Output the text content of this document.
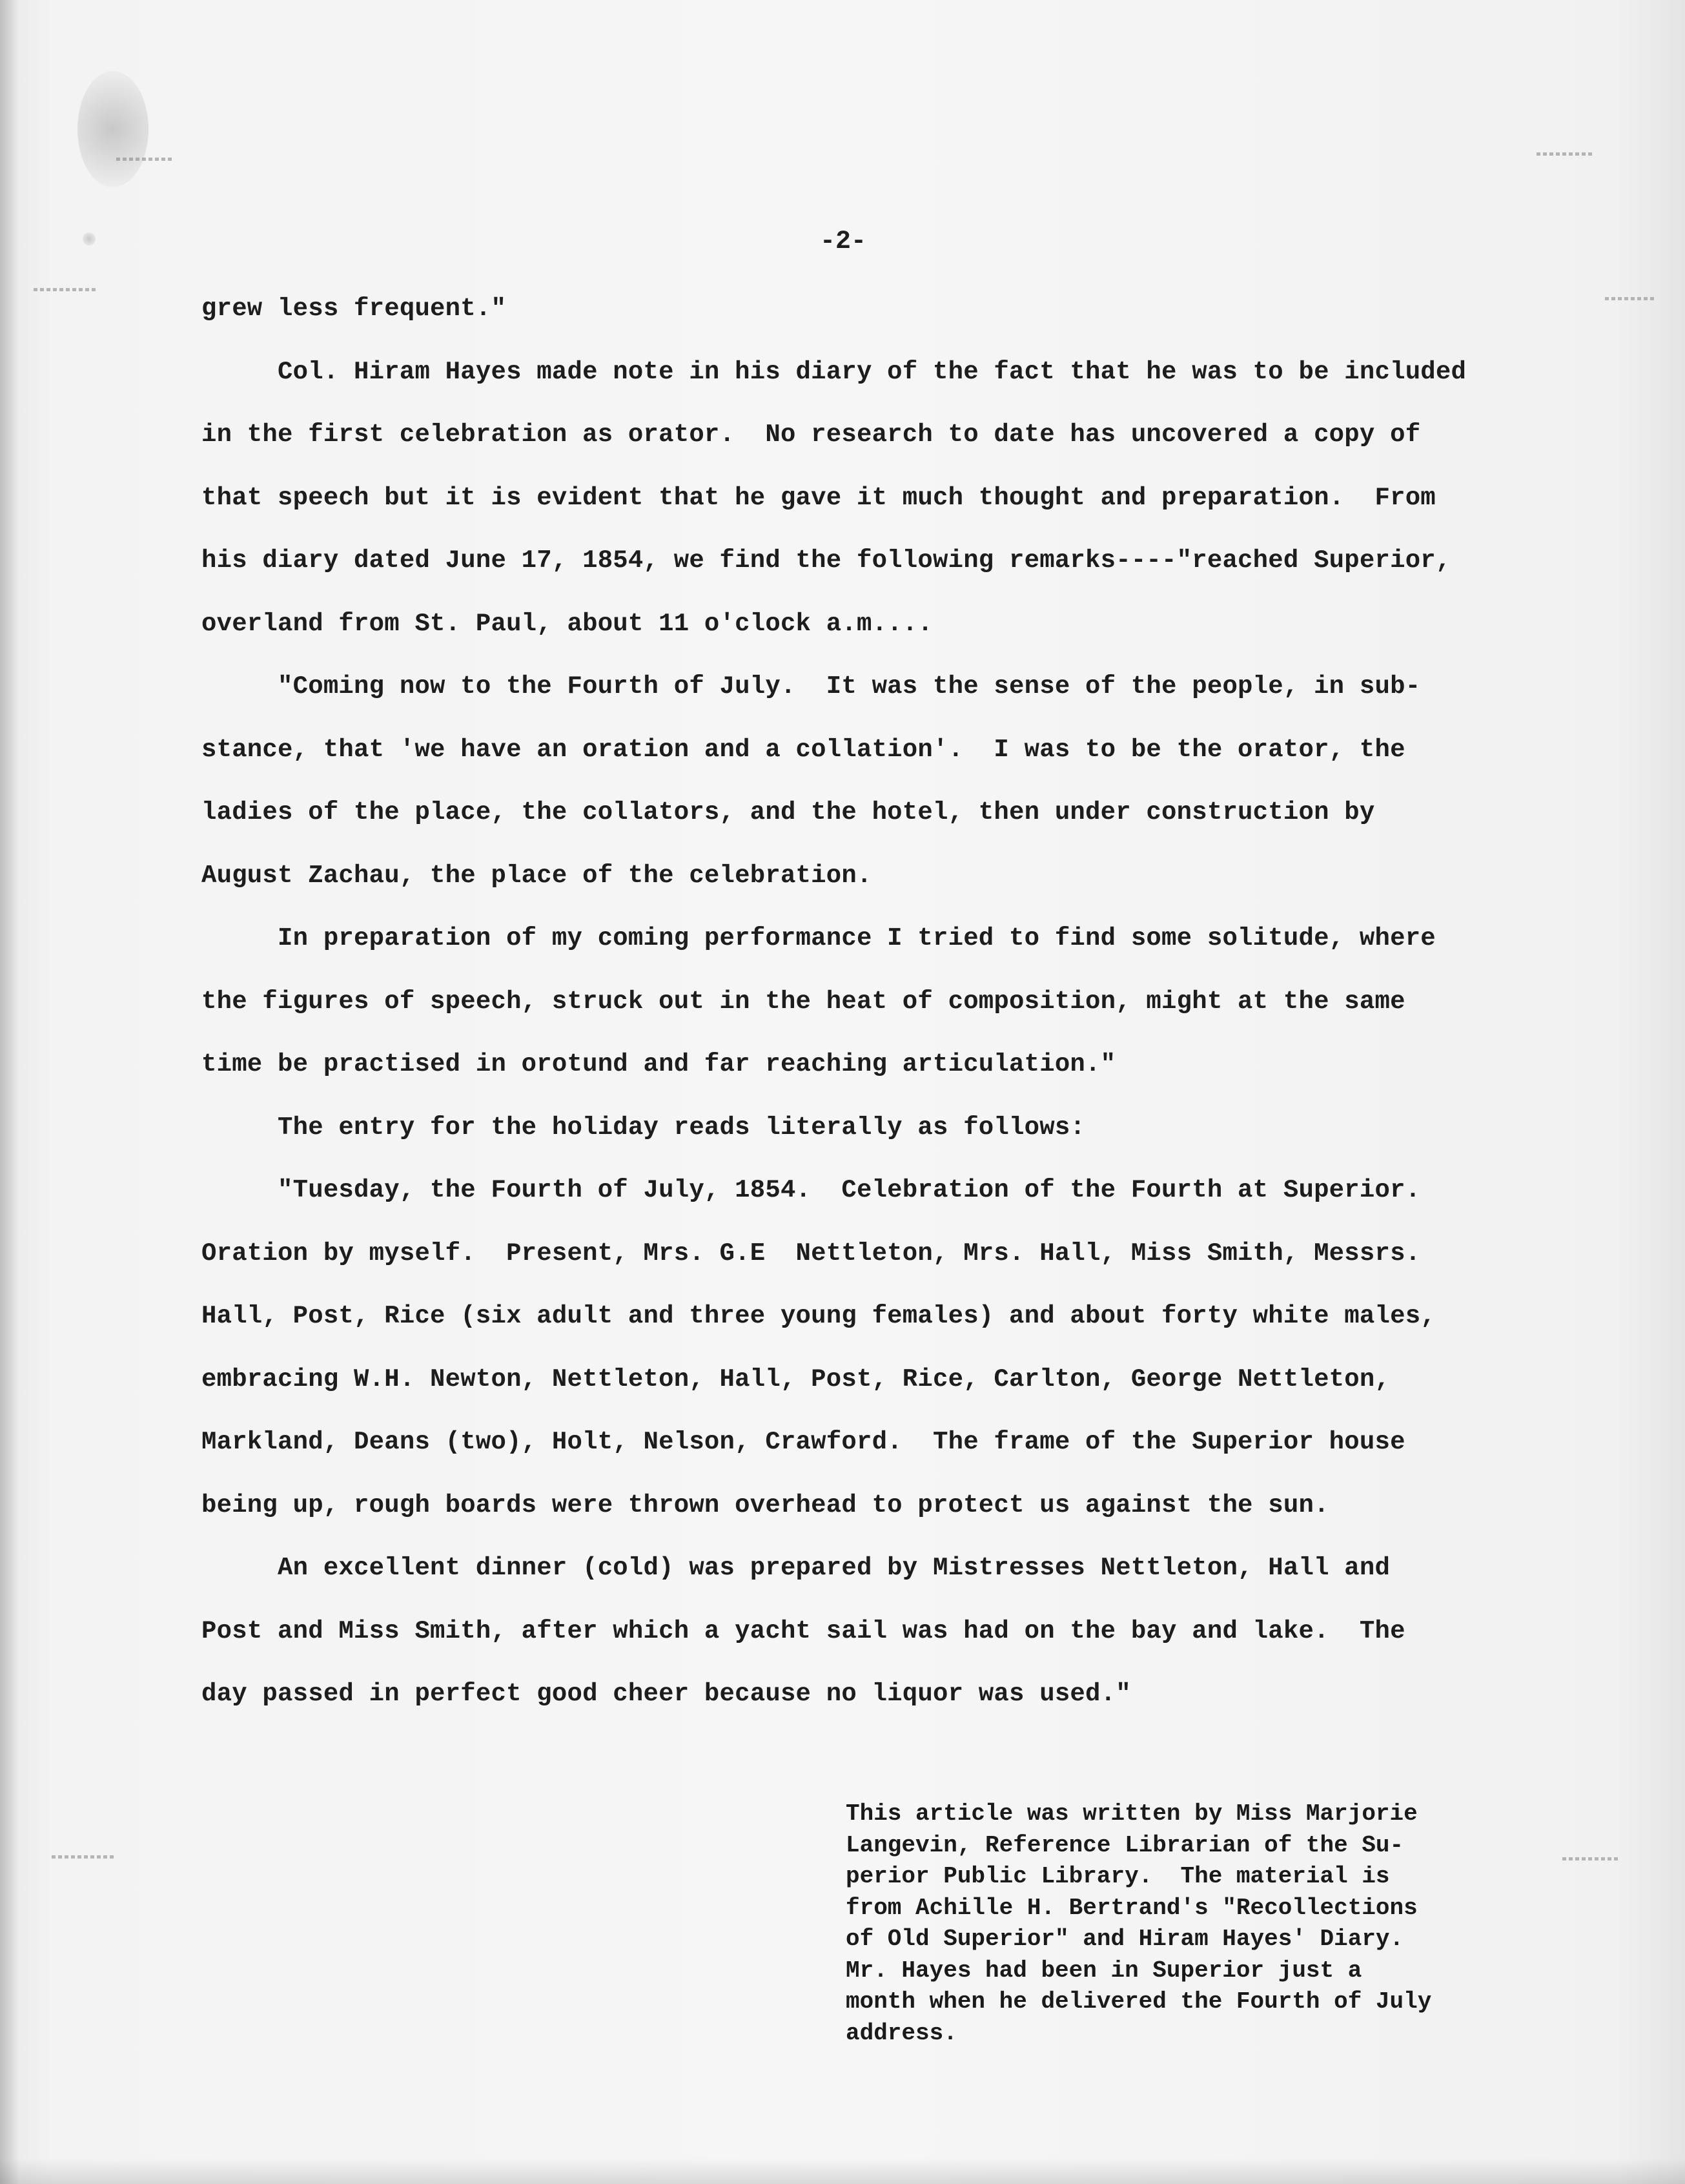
-2-
grew less frequent."
Col. Hiram Hayes made note in his diary of the fact that he was to be included
in the first celebration as orator.  No research to date has uncovered a copy of
that speech but it is evident that he gave it much thought and preparation.  From
his diary dated June 17, 1854, we find the following remarks----"reached Superior,
overland from St. Paul, about 11 o'clock a.m....
"Coming now to the Fourth of July.  It was the sense of the people, in sub-
stance, that 'we have an oration and a collation'.  I was to be the orator, the
ladies of the place, the collators, and the hotel, then under construction by
August Zachau, the place of the celebration.
In preparation of my coming performance I tried to find some solitude, where
the figures of speech, struck out in the heat of composition, might at the same
time be practised in orotund and far reaching articulation."
The entry for the holiday reads literally as follows:
"Tuesday, the Fourth of July, 1854.  Celebration of the Fourth at Superior.
Oration by myself.  Present, Mrs. G.E  Nettleton, Mrs. Hall, Miss Smith, Messrs.
Hall, Post, Rice (six adult and three young females) and about forty white males,
embracing W.H. Newton, Nettleton, Hall, Post, Rice, Carlton, George Nettleton,
Markland, Deans (two), Holt, Nelson, Crawford.  The frame of the Superior house
being up, rough boards were thrown overhead to protect us against the sun.
An excellent dinner (cold) was prepared by Mistresses Nettleton, Hall and
Post and Miss Smith, after which a yacht sail was had on the bay and lake.  The
day passed in perfect good cheer because no liquor was used."
This article was written by Miss Marjorie
Langevin, Reference Librarian of the Su-
perior Public Library.  The material is
from Achille H. Bertrand's "Recollections
of Old Superior" and Hiram Hayes' Diary.
Mr. Hayes had been in Superior just a
month when he delivered the Fourth of July
address.
